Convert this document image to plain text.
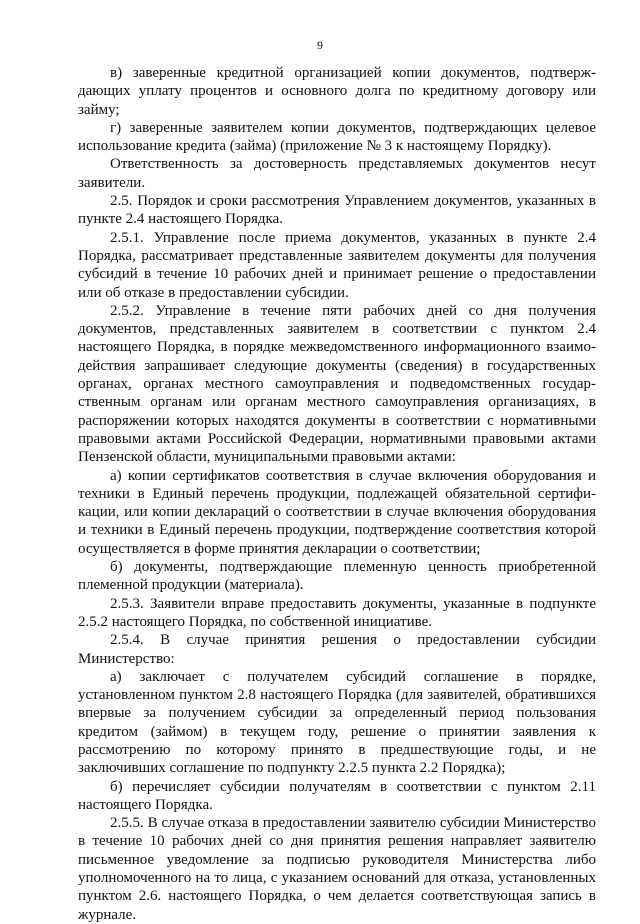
9

в) заверенные кредитной организацией копии документов, подтверждающих уплату процентов и основного долга по кредитному договору или займу;

г) заверенные заявителем копии документов, подтверждающих целевое использование кредита (займа) (приложение № 3 к настоящему Порядку).

Ответственность за достоверность представляемых документов несут заявители.

2.5. Порядок и сроки рассмотрения Управлением документов, указанных в пункте 2.4 настоящего Порядка.

2.5.1. Управление после приема документов, указанных в пункте 2.4 Порядка, рассматривает представленные заявителем документы для получения субсидий в течение 10 рабочих дней и принимает решение о предоставлении или об отказе в предоставлении субсидии.

2.5.2. Управление в течение пяти рабочих дней со дня получения документов, представленных заявителем в соответствии с пунктом 2.4 настоящего Порядка, в порядке межведомственного информационного взаимодействия запрашивает следующие документы (сведения) в государственных органах, органах местного самоуправления и подведомственных государственным органам или органам местного самоуправления организациях, в распоряжении которых находятся документы в соответствии с нормативными правовыми актами Российской Федерации, нормативными правовыми актами Пензенской области, муниципальными правовыми актами:

а) копии сертификатов соответствия в случае включения оборудования и техники в Единый перечень продукции, подлежащей обязательной сертификации, или копии деклараций о соответствии в случае включения оборудования и техники в Единый перечень продукции, подтверждение соответствия которой осуществляется в форме принятия декларации о соответствии;

б) документы, подтверждающие племенную ценность приобретенной племенной продукции (материала).

2.5.3. Заявители вправе предоставить документы, указанные в подпункте 2.5.2 настоящего Порядка, по собственной инициативе.

2.5.4. В случае принятия решения о предоставлении субсидии Министерство:

а) заключает с получателем субсидий соглашение в порядке, установленном пунктом 2.8 настоящего Порядка (для заявителей, обратившихся впервые за получением субсидии за определенный период пользования кредитом (займом) в текущем году, решение о принятии заявления к рассмотрению по которому принято в предшествующие годы, и не заключивших соглашение по подпункту 2.2.5 пункта 2.2 Порядка);

б) перечисляет субсидии получателям в соответствии с пунктом 2.11 настоящего Порядка.

2.5.5. В случае отказа в предоставлении заявителю субсидии Министерство в течение 10 рабочих дней со дня принятия решения направляет заявителю письменное уведомление за подписью руководителя Министерства либо уполномоченного на то лица, с указанием оснований для отказа, установленных пунктом 2.6. настоящего Порядка, о чем делается соответствующая запись в журнале.
